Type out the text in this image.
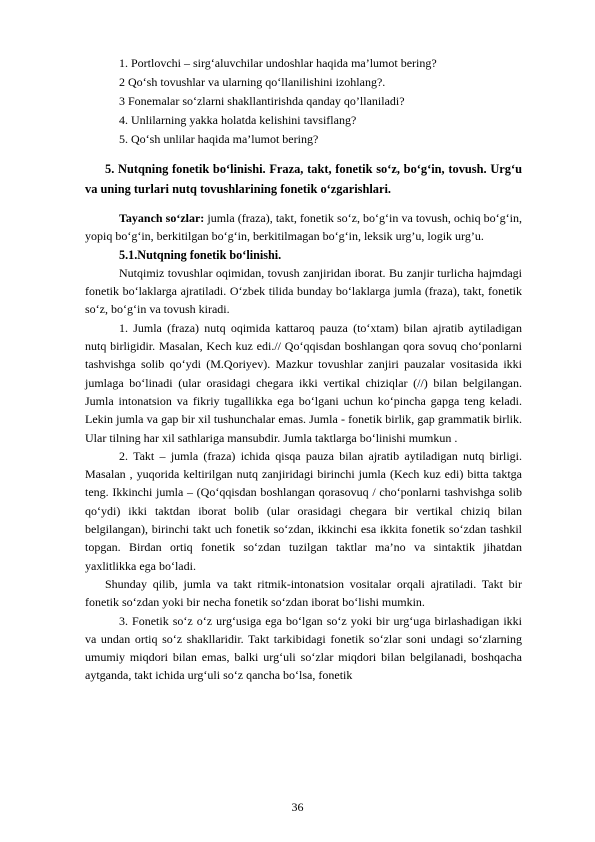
1. Portlovchi – sirg‘aluvchilar undoshlar haqida ma’lumot bering?
2 Qo‘sh tovushlar va ularning qo‘llanilishini izohlang?.
3 Fonemalar so‘zlarni shakllantirishda qanday qo’llaniladi?
4. Unlilarning yakka holatda kelishini tavsiflang?
5. Qo‘sh unlilar haqida ma’lumot bering?
5. Nutqning fonetik bo‘linishi. Fraza, takt, fonetik so‘z, bo‘g‘in, tovush. Urg‘u va uning turlari nutq tovushlarining fonetik o‘zgarishlari.

Tayanch so‘zlar: jumla (fraza), takt, fonetik so‘z, bo‘g‘in va tovush, ochiq bo‘g‘in, yopiq bo‘g‘in, berkitilgan bo‘g‘in, berkitilmagan bo‘g‘in, leksik urg’u, logik urg’u.

5.1.Nutqning fonetik bo‘linishi.

Nutqimiz tovushlar oqimidan, tovush zanjiridan iborat. Bu zanjir turlicha hajmdagi fonetik bo‘laklarga ajratiladi. O‘zbek tilida bunday bo‘laklarga jumla (fraza), takt, fonetik so‘z, bo‘g‘in va tovush kiradi.

1. Jumla (fraza) nutq oqimida kattaroq pauza (to‘xtam) bilan ajratib aytiladigan nutq birligidir. Masalan, Kech kuz edi.// Qo‘qqisdan boshlangan qora sovuq cho‘ponlarni tashvishga solib qo‘ydi (M.Qoriyev). Mazkur tovushlar zanjiri pauzalar vositasida ikki jumlaga bo‘linadi (ular orasidagi chegara ikki vertikal chiziqlar (//) bilan belgilangan. Jumla intonatsion va fikriy tugallikka ega bo‘lgani uchun ko‘pincha gapga teng keladi. Lekin jumla va gap bir xil tushunchalar emas. Jumla - fonetik birlik, gap grammatik birlik. Ular tilning har xil sathlariga mansubdir. Jumla taktlarga bo‘linishi mumkun .

2. Takt – jumla (fraza) ichida qisqa pauza bilan ajratib aytiladigan nutq birligi. Masalan , yuqorida keltirilgan nutq zanjiridagi birinchi jumla (Kech kuz edi) bitta taktga teng. Ikkinchi jumla – (Qo‘qqisdan boshlangan qorasovuq / cho‘ponlarni tashvishga solib qo‘ydi) ikki taktdan iborat bolib (ular orasidagi chegara bir vertikal chiziq bilan belgilangan), birinchi takt uch fonetik so‘zdan, ikkinchi esa ikkita fonetik so‘zdan tashkil topgan. Birdan ortiq fonetik so‘zdan tuzilgan taktlar ma’no va sintaktik jihatdan yaxlitlikka ega bo‘ladi.

Shunday qilib, jumla va takt ritmik-intonatsion vositalar orqali ajratiladi. Takt bir fonetik so‘zdan yoki bir necha fonetik so‘zdan iborat bo‘lishi mumkin.

3. Fonetik so‘z o‘z urg‘usiga ega bo‘lgan so‘z yoki bir urg‘uga birlashadigan ikki va undan ortiq so‘z shakllaridir. Takt tarkibidagi fonetik so‘zlar soni undagi so‘zlarning umumiy miqdori bilan emas, balki urg‘uli so‘zlar miqdori bilan belgilanadi, boshqacha aytganda, takt ichida urg‘uli so‘z qancha bo‘lsa, fonetik

36
